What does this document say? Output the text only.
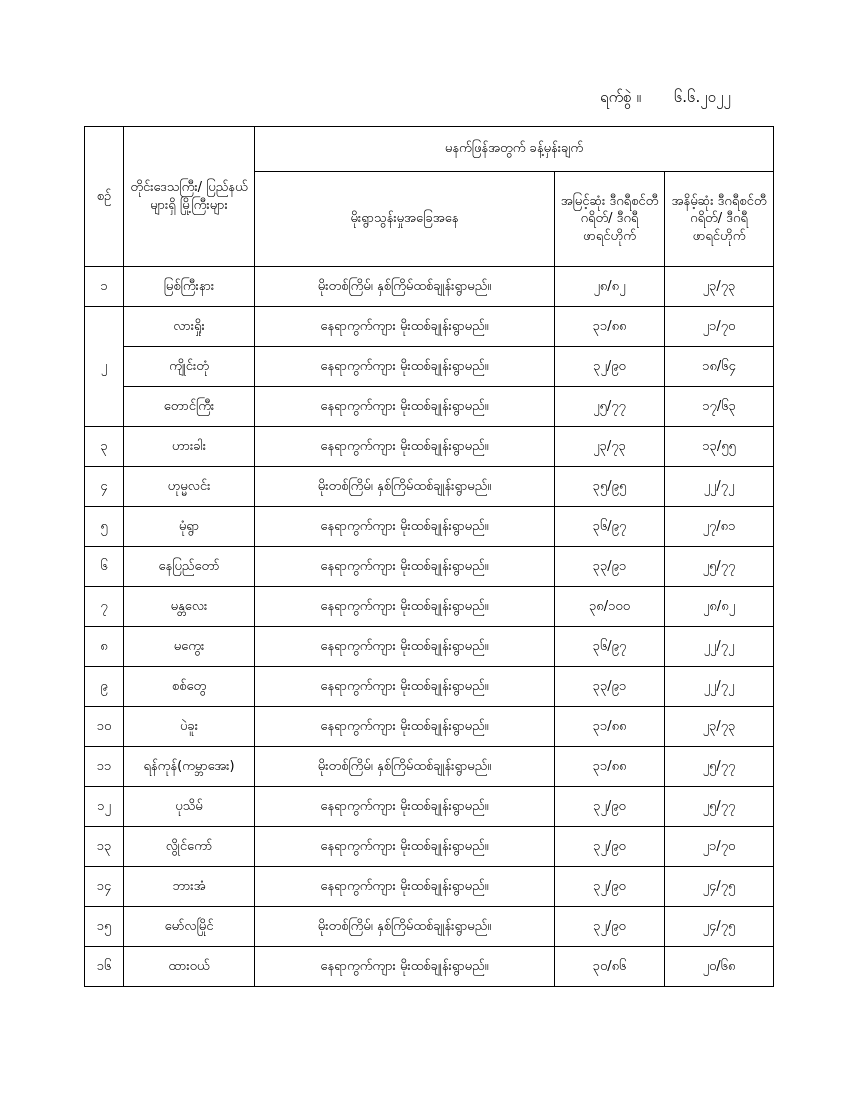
ရက်စွဲ ။ ၆.၆.၂၀၂၂
စဉ်	တိုင်းဒေသကြီး/ ပြည်နယ်များရှိ မြို့ကြီးများ	မနက်ဖြန်အတွက် ခန့်မှန်းချက်		
		မိုးရွာသွန်းမှုအခြေအနေ	အမြင့်ဆုံး ဒီဂရီစင်တီဂရိတ်/ ဒီဂရီဖာရင်ဟိုက်	အနိမ့်ဆုံး ဒီဂရီစင်တီဂရိတ်/ ဒီဂရီဖာရင်ဟိုက်
၁	မြစ်ကြီးနား	မိုးတစ်ကြိမ်၊ နှစ်ကြိမ်ထစ်ချုန်းရွာမည်။	၂၈/၈၂	၂၃/၇၃
၂	လားရှိုး	နေရာကွက်ကျား မိုးထစ်ချုန်းရွာမည်။	၃၁/၈၈	၂၁/၇၀
	ကျိုင်းတုံ	နေရာကွက်ကျား မိုးထစ်ချုန်းရွာမည်။	၃၂/၉၀	၁၈/၆၄
	တောင်ကြီး	နေရာကွက်ကျား မိုးထစ်ချုန်းရွာမည်။	၂၅/၇၇	၁၇/၆၃
၃	ဟားခါး	နေရာကွက်ကျား မိုးထစ်ချုန်းရွာမည်။	၂၃/၇၃	၁၃/၅၅
၄	ဟုမ္မလင်း	မိုးတစ်ကြိမ်၊ နှစ်ကြိမ်ထစ်ချုန်းရွာမည်။	၃၅/၉၅	၂၂/၇၂
၅	မုံရွာ	နေရာကွက်ကျား မိုးထစ်ချုန်းရွာမည်။	၃၆/၉၇	၂၇/၈၁
၆	နေပြည်တော်	နေရာကွက်ကျား မိုးထစ်ချုန်းရွာမည်။	၃၃/၉၁	၂၅/၇၇
၇	မန္တလေး	နေရာကွက်ကျား မိုးထစ်ချုန်းရွာမည်။	၃၈/၁၀၀	၂၈/၈၂
၈	မကွေး	နေရာကွက်ကျား မိုးထစ်ချုန်းရွာမည်။	၃၆/၉၇	၂၂/၇၂
၉	စစ်တွေ	နေရာကွက်ကျား မိုးထစ်ချုန်းရွာမည်။	၃၃/၉၁	၂၂/၇၂
၁၀	ပဲခူး	နေရာကွက်ကျား မိုးထစ်ချုန်းရွာမည်။	၃၁/၈၈	၂၃/၇၃
၁၁	ရန်ကုန်(ကမ္ဘာအေး)	မိုးတစ်ကြိမ်၊ နှစ်ကြိမ်ထစ်ချုန်းရွာမည်။	၃၁/၈၈	၂၅/၇၇
၁၂	ပုသိမ်	နေရာကွက်ကျား မိုးထစ်ချုန်းရွာမည်။	၃၂/၉၀	၂၅/၇၇
၁၃	လွိုင်ကော်	နေရာကွက်ကျား မိုးထစ်ချုန်းရွာမည်။	၃၂/၉၀	၂၁/၇၀
၁၄	ဘားအံ	နေရာကွက်ကျား မိုးထစ်ချုန်းရွာမည်။	၃၂/၉၀	၂၄/၇၅
၁၅	မော်လမြိုင်	မိုးတစ်ကြိမ်၊ နှစ်ကြိမ်ထစ်ချုန်းရွာမည်။	၃၂/၉၀	၂၄/၇၅
၁၆	ထားဝယ်	နေရာကွက်ကျား မိုးထစ်ချုန်းရွာမည်။	၃၀/၈၆	၂၀/၆၈
